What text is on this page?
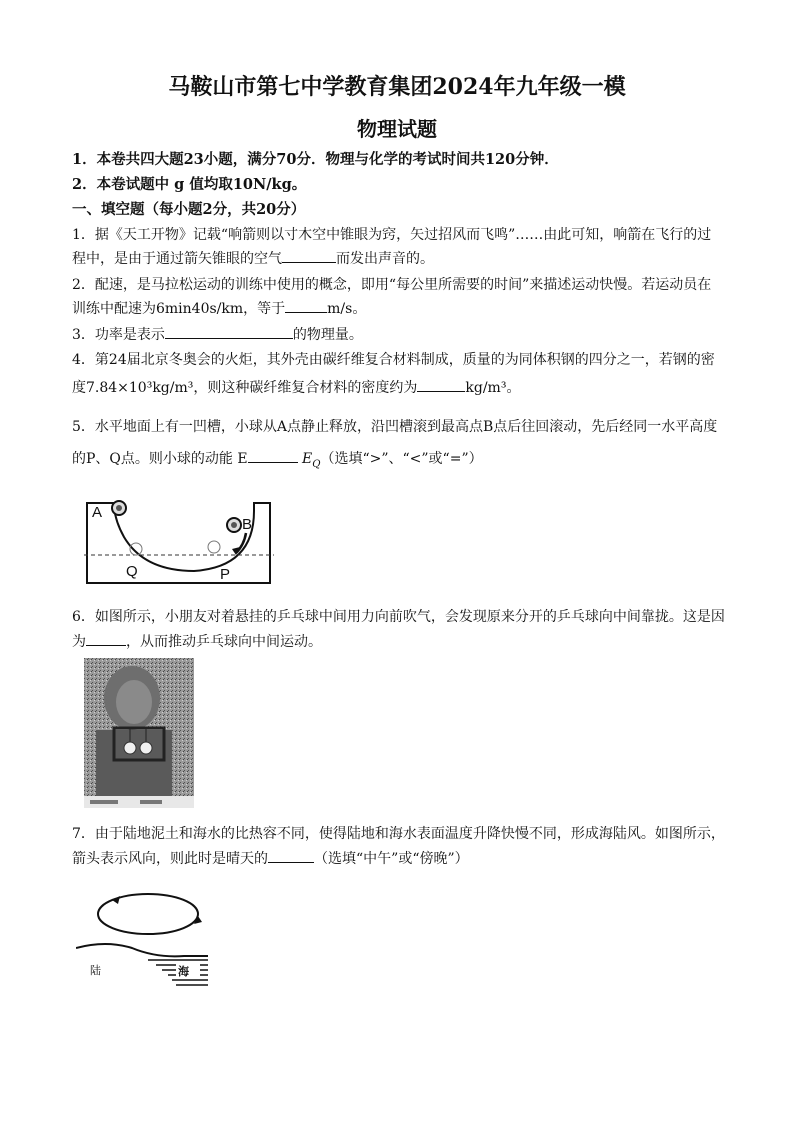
马鞍山市第七中学教育集团2024年九年级一模
物理试题
1．本卷共四大题23小题，满分70分．物理与化学的考试时间共120分钟．
2．本卷试题中 g 值均取10N/kg。
一、填空题（每小题2分，共20分）
1．据《天工开物》记载“响箭则以寸木空中锥眼为窍，矢过招风而飞鸣”……由此可知，响箭在飞行的过
程中，是由于通过箭矢锥眼的空气	而发出声音的。
2．配速，是马拉松运动的训练中使用的概念，即用“每公里所需要的时间”来描述运动快慢。若运动员在
训练中配速为6min40s/km，等于	m/s。
3．功率是表示	的物理量。
4．第24届北京冬奥会的火炬，其外壳由碳纤维复合材料制成，质量的为同体积钢的四分之一，若钢的密
度7.84×10³kg/m³，则这种碳纤维复合材料的密度约为	kg/m³。
5．水平地面上有一凹槽，小球从A点静止释放，沿凹槽滚到最高点B点后往回滚动，先后经同一水平高度
的P、Q点。则小球的动能 E	$E_Q$（选填“>”、“<”或“=”）
A
B
Q	P
6．如图所示，小朋友对着悬挂的乒乓球中间用力向前吹气，会发现原来分开的乒乓球向中间靠拢。这是因
为	，从而推动乒乓球向中间运动。
7．由于陆地泥土和海水的比热容不同，使得陆地和海水表面温度升降快慢不同，形成海陆风。如图所示，
箭头表示风向，则此时是晴天的	（选填“中午”或“傍晚”）
陆	海
